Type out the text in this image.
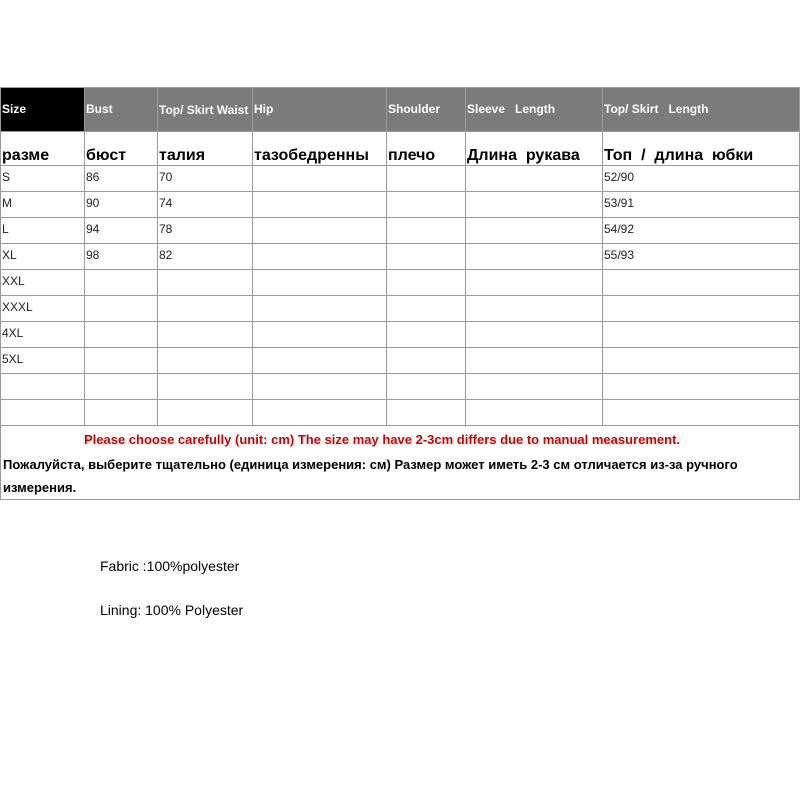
Size	Bust	Top/ Skirt Waist	Hip	Shoulder	Sleeve   Length	Top/ Skirt   Length
разме	бюст	талия	тазобедренны	плечо	Длина  рукава	Топ  /  длина  юбки
S	86	70				52/90
M	90	74				53/91
L	94	78				54/92
XL	98	82				55/93
XXL						
XXXL						
4XL						
5XL						

Please choose carefully (unit: cm) The size may have 2-3cm differs due to manual measurement.
Пожалуйста, выберите тщательно (единица измерения: см) Размер может иметь 2-3 см отличается из-за ручного измерения.						
Fabric :100%polyester
Lining: 100% Polyester
